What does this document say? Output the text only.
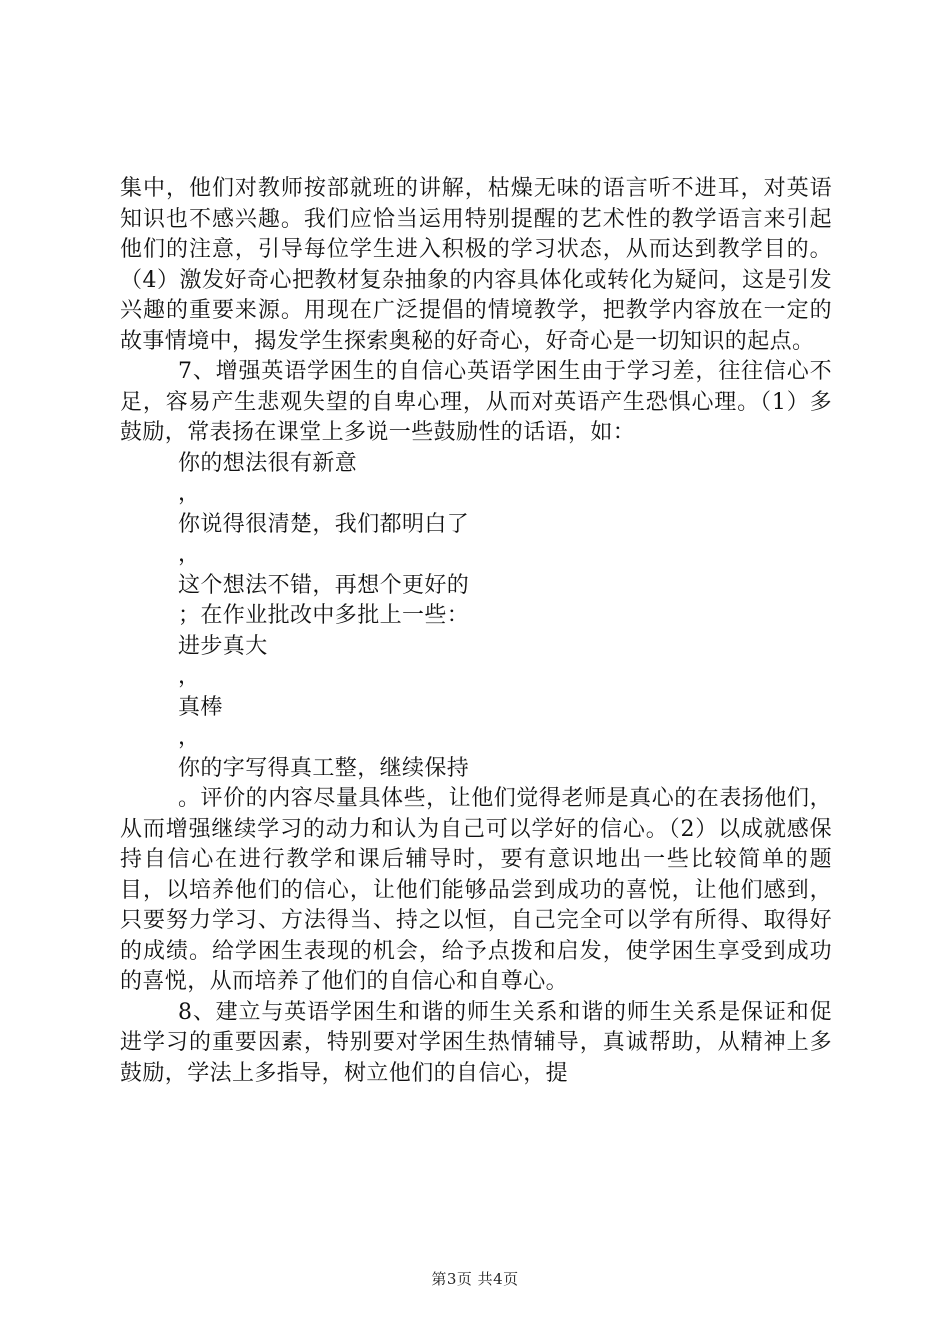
集中，他们对教师按部就班的讲解，枯燥无味的语言听不进耳，对英语知识也不感兴趣。我们应恰当运用特别提醒的艺术性的教学语言来引起他们的注意，引导每位学生进入积极的学习状态，从而达到教学目的。（4）激发好奇心把教材复杂抽象的内容具体化或转化为疑问，这是引发兴趣的重要来源。用现在广泛提倡的情境教学，把教学内容放在一定的故事情境中，揭发学生探索奥秘的好奇心，好奇心是一切知识的起点。

7、增强英语学困生的自信心英语学困生由于学习差，往往信心不足，容易产生悲观失望的自卑心理，从而对英语产生恐惧心理。（1）多鼓励，常表扬在课堂上多说一些鼓励性的话语，如：

你的想法很有新意

，

你说得很清楚，我们都明白了

，

这个想法不错，再想个更好的

；在作业批改中多批上一些：

进步真大

，

真棒

，

你的字写得真工整，继续保持

。评价的内容尽量具体些，让他们觉得老师是真心的在表扬他们，从而增强继续学习的动力和认为自己可以学好的信心。（2）以成就感保持自信心在进行教学和课后辅导时，要有意识地出一些比较简单的题目，以培养他们的信心，让他们能够品尝到成功的喜悦，让他们感到，只要努力学习、方法得当、持之以恒，自己完全可以学有所得、取得好的成绩。给学困生表现的机会，给予点拨和启发，使学困生享受到成功的喜悦，从而培养了他们的自信心和自尊心。

8、建立与英语学困生和谐的师生关系和谐的师生关系是保证和促进学习的重要因素，特别要对学困生热情辅导，真诚帮助，从精神上多鼓励，学法上多指导，树立他们的自信心，提

第3页 共4页
